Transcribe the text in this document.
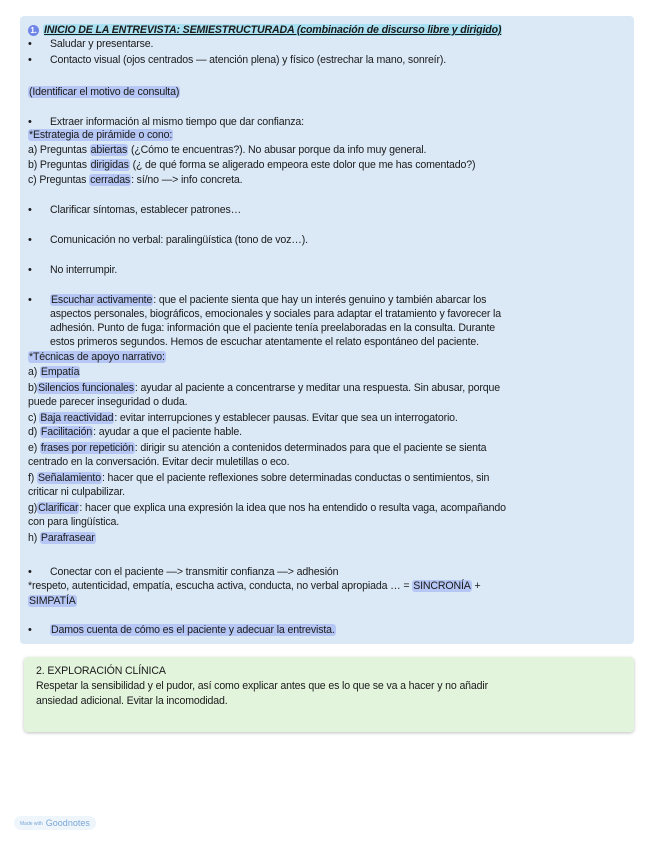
1. INICIO DE LA ENTREVISTA: SEMIESTRUCTURADA (combinación de discurso libre y dirigido)
• Saludar y presentarse.
• Contacto visual (ojos centrados — atención plena) y físico (estrechar la mano, sonreír).
(Identificar el motivo de consulta)
• Extraer información al mismo tiempo que dar confianza:
*Estrategia de pirámide o cono:
a) Preguntas abiertas (¿Cómo te encuentras?). No abusar porque da info muy general.
b) Preguntas dirigidas (¿ de qué forma se aligerado empeora este dolor que me has comentado?)
c) Preguntas cerradas: sí/no —> info concreta.
• Clarificar síntomas, establecer patrones…
• Comunicación no verbal: paralingüística (tono de voz…).
• No interrumpir.
• Escuchar activamente: que el paciente sienta que hay un interés genuino y también abarcar los
aspectos personales, biográficos, emocionales y sociales para adaptar el tratamiento y favorecer la
adhesión. Punto de fuga: información que el paciente tenía preelaboradas en la consulta. Durante
estos primeros segundos. Hemos de escuchar atentamente el relato espontáneo del paciente.
*Técnicas de apoyo narrativo:
a) Empatía
b)Silencios funcionales: ayudar al paciente a concentrarse y meditar una respuesta. Sin abusar, porque
puede parecer inseguridad o duda.
c) Baja reactividad: evitar interrupciones y establecer pausas. Evitar que sea un interrogatorio.
d) Facilitación: ayudar a que el paciente hable.
e) frases por repetición: dirigir su atención a contenidos determinados para que el paciente se sienta
centrado en la conversación. Evitar decir muletillas o eco.
f) Señalamiento: hacer que el paciente reflexiones sobre determinadas conductas o sentimientos, sin
criticar ni culpabilizar.
g)Clarificar: hacer que explica una expresión la idea que nos ha entendido o resulta vaga, acompañando
con para lingüística.
h) Parafrasear
• Conectar con el paciente —> transmitir confianza —> adhesión
*respeto, autenticidad, empatía, escucha activa, conducta, no verbal apropiada … = SINCRONÍA +
SIMPATÍA
• Damos cuenta de cómo es el paciente y adecuar la entrevista.
2. EXPLORACIÓN CLÍNICA
Respetar la sensibilidad y el pudor, así como explicar antes que es lo que se va a hacer y no añadir
ansiedad adicional. Evitar la incomodidad.
Made with Goodnotes
